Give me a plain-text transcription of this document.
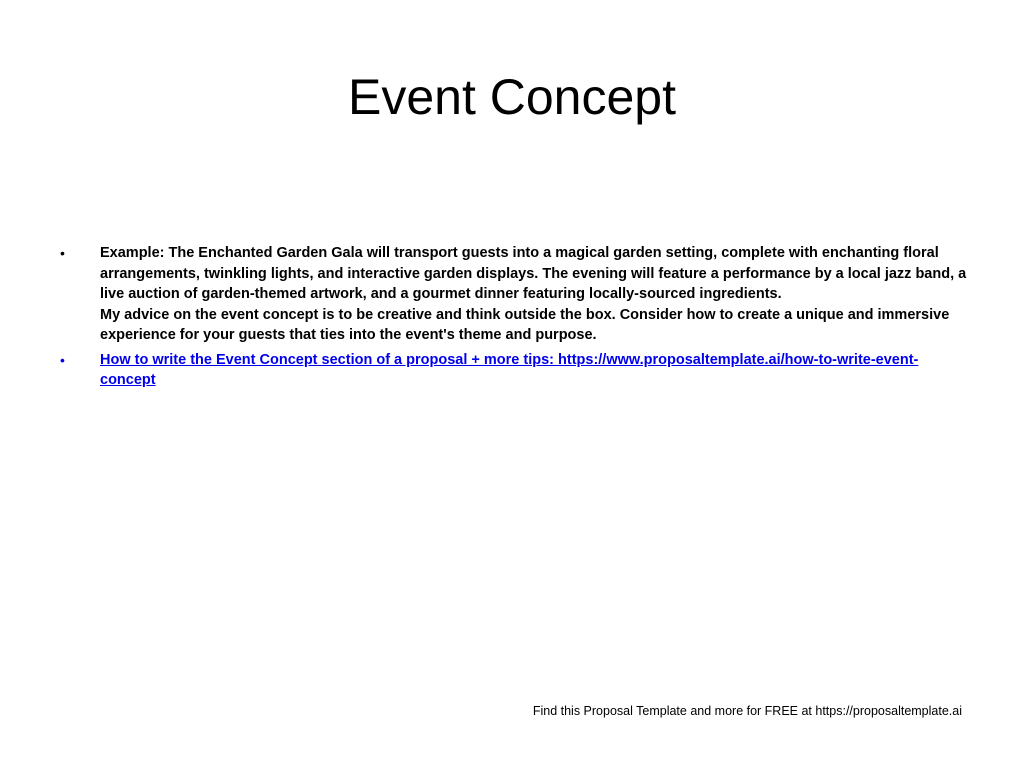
Event Concept
•	Example: The Enchanted Garden Gala will transport guests into a magical garden setting, complete with enchanting floral arrangements, twinkling lights, and interactive garden displays. The evening will feature a performance by a local jazz band, a live auction of garden-themed artwork, and a gourmet dinner featuring locally-sourced ingredients.
My advice on the event concept is to be creative and think outside the box. Consider how to create a unique and immersive experience for your guests that ties into the event's theme and purpose.
•	How to write the Event Concept section of a proposal + more tips: https://www.proposaltemplate.ai/how-to-write-event-concept
Find this Proposal Template and more for FREE at https://proposaltemplate.ai
